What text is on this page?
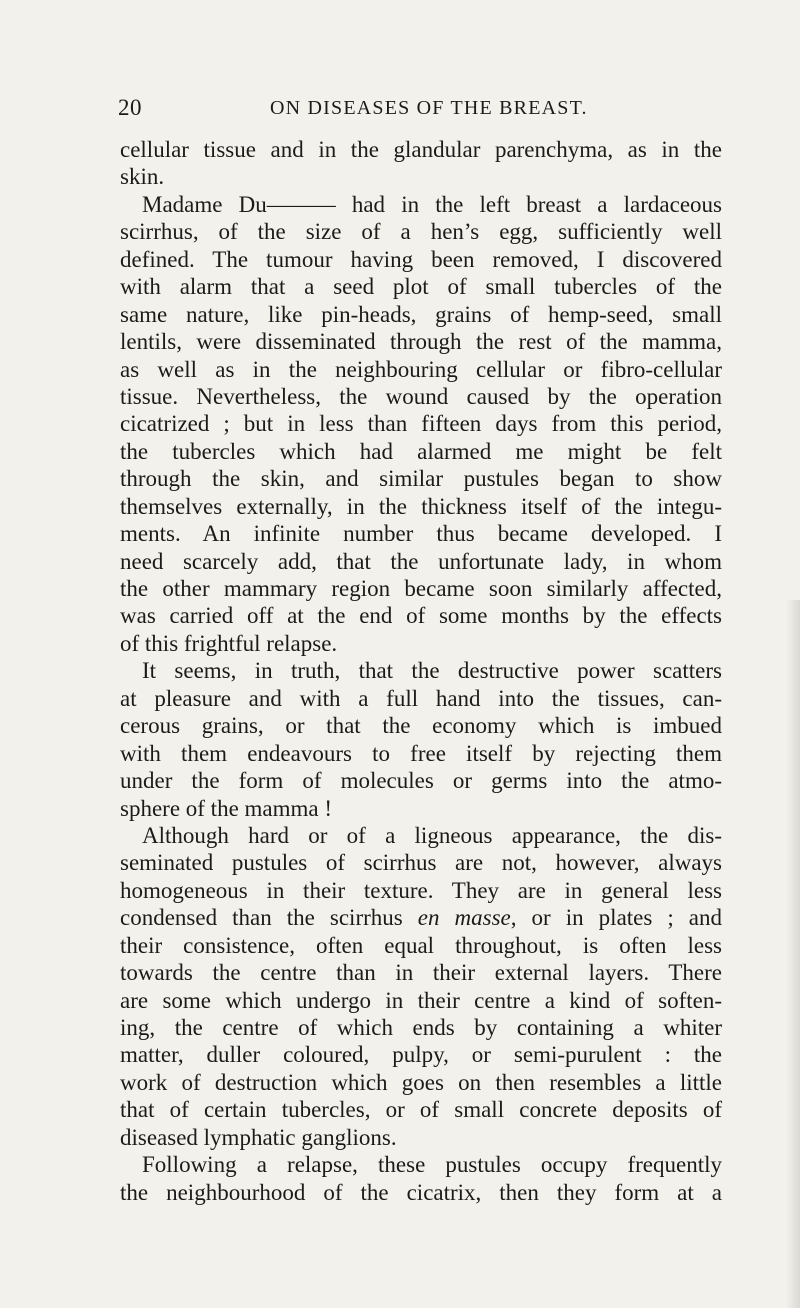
20	ON DISEASES OF THE BREAST.
cellular tissue and in the glandular parenchyma, as in the
skin.
Madame Du——— had in the left breast a lardaceous
scirrhus, of the size of a hen’s egg, sufficiently well
defined. The tumour having been removed, I discovered
with alarm that a seed plot of small tubercles of the
same nature, like pin-heads, grains of hemp-seed, small
lentils, were disseminated through the rest of the mamma,
as well as in the neighbouring cellular or fibro-cellular
tissue. Nevertheless, the wound caused by the operation
cicatrized ; but in less than fifteen days from this period,
the tubercles which had alarmed me might be felt
through the skin, and similar pustules began to show
themselves externally, in the thickness itself of the integu-
ments. An infinite number thus became developed. I
need scarcely add, that the unfortunate lady, in whom
the other mammary region became soon similarly affected,
was carried off at the end of some months by the effects
of this frightful relapse.
It seems, in truth, that the destructive power scatters
at pleasure and with a full hand into the tissues, can-
cerous grains, or that the economy which is imbued
with them endeavours to free itself by rejecting them
under the form of molecules or germs into the atmo-
sphere of the mamma !
Although hard or of a ligneous appearance, the dis-
seminated pustules of scirrhus are not, however, always
homogeneous in their texture. They are in general less
condensed than the scirrhus en masse, or in plates ; and
their consistence, often equal throughout, is often less
towards the centre than in their external layers. There
are some which undergo in their centre a kind of soften-
ing, the centre of which ends by containing a whiter
matter, duller coloured, pulpy, or semi-purulent : the
work of destruction which goes on then resembles a little
that of certain tubercles, or of small concrete deposits of
diseased lymphatic ganglions.
Following a relapse, these pustules occupy frequently
the neighbourhood of the cicatrix, then they form at a
